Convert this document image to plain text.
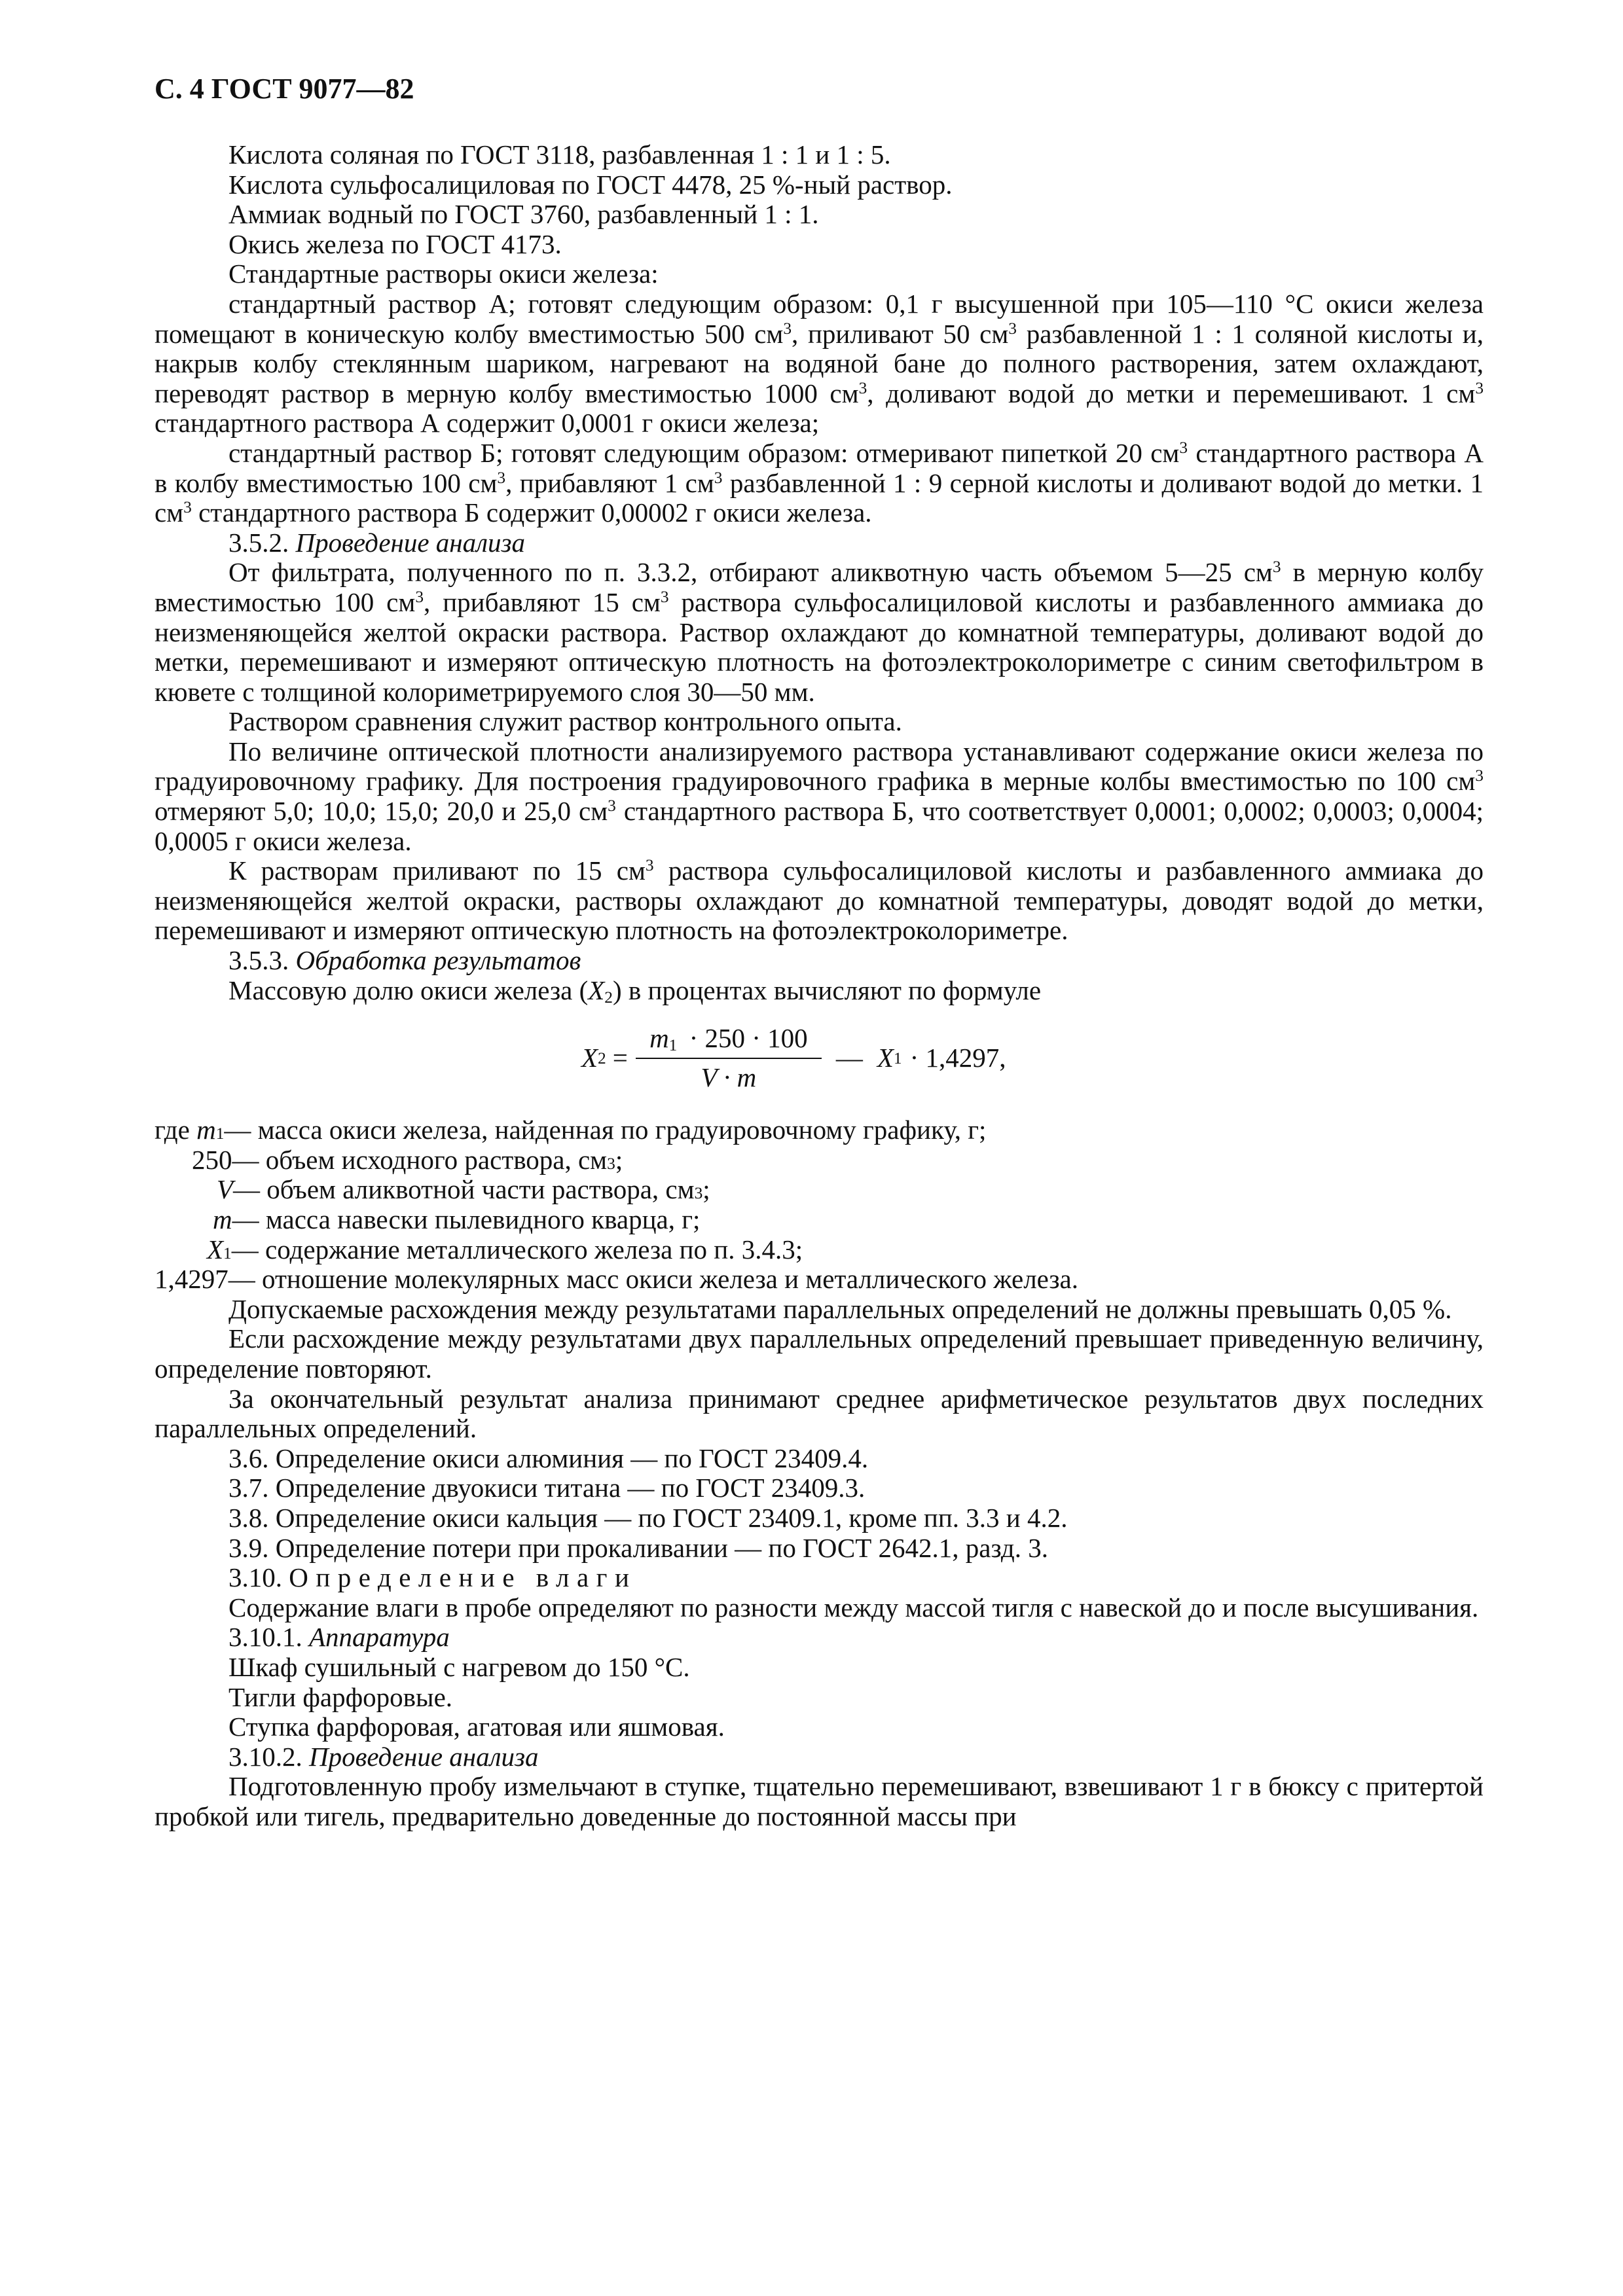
С. 4 ГОСТ 9077—82

Кислота соляная по ГОСТ 3118, разбавленная 1 : 1 и 1 : 5.

Кислота сульфосалициловая по ГОСТ 4478, 25 %-ный раствор.

Аммиак водный по ГОСТ 3760, разбавленный 1 : 1.

Окись железа по ГОСТ 4173.

Стандартные растворы окиси железа:

стандартный раствор А; готовят следующим образом: 0,1 г высушенной при 105—110 °С окиси железа помещают в коническую колбу вместимостью 500 $см^3$, приливают 50 $см^3$ разбавленной 1 : 1 соляной кислоты и, накрыв колбу стеклянным шариком, нагревают на водяной бане до полного растворения, затем охлаждают, переводят раствор в мерную колбу вместимостью 1000 $см^3$, доливают водой до метки и перемешивают. 1 $см^3$ стандартного раствора А содержит 0,0001 г окиси железа;

стандартный раствор Б; готовят следующим образом: отмеривают пипеткой 20 $см^3$ стандартного раствора А в колбу вместимостью 100 $см^3$, прибавляют 1 $см^3$ разбавленной 1 : 9 серной кислоты и доливают водой до метки. 1 $см^3$ стандартного раствора Б содержит 0,00002 г окиси железа.

3.5.2. Проведение анализа

От фильтрата, полученного по п. 3.3.2, отбирают аликвотную часть объемом 5—25 $см^3$ в мерную колбу вместимостью 100 $см^3$, прибавляют 15 $см^3$ раствора сульфосалициловой кислоты и разбавленного аммиака до неизменяющейся желтой окраски раствора. Раствор охлаждают до комнатной температуры, доливают водой до метки, перемешивают и измеряют оптическую плотность на фотоэлектроколориметре с синим светофильтром в кювете с толщиной колориметрируемого слоя 30—50 мм.

Раствором сравнения служит раствор контрольного опыта.

По величине оптической плотности анализируемого раствора устанавливают содержание окиси железа по градуировочному графику. Для построения градуировочного графика в мерные колбы вместимостью по 100 $см^3$ отмеряют 5,0; 10,0; 15,0; 20,0 и 25,0 $см^3$ стандартного раствора Б, что соответствует 0,0001; 0,0002; 0,0003; 0,0004; 0,0005 г окиси железа.

К растворам приливают по 15 $см^3$ раствора сульфосалициловой кислоты и разбавленного аммиака до неизменяющейся желтой окраски, растворы охлаждают до комнатной температуры, доводят водой до метки, перемешивают и измеряют оптическую плотность на фотоэлектроколориметре.

3.5.3. Обработка результатов

Массовую долю окиси железа $(X_2)$ в процентах вычисляют по формуле

X $2 = \frac{m_1 \cdot 250 \cdot 100}{V \cdot m}$ — X 1 · 1,4297,
где
m 1 — масса окиси железа, найденная по градуировочному графику, г;
250 — объем исходного раствора, см 3 ;
V — объем аликвотной части раствора, см 3 ;
m — масса навески пылевидного кварца, г;
X 1 — содержание металлического железа по п. 3.4.3;
1,4297 — отношение молекулярных масс окиси железа и металлического железа.

Допускаемые расхождения между результатами параллельных определений не должны превышать 0,05 %.

Если расхождение между результатами двух параллельных определений превышает приведенную величину, определение повторяют.

За окончательный результат анализа принимают среднее арифметическое результатов двух последних параллельных определений.

3.6. Определение окиси алюминия — по ГОСТ 23409.4.

3.7. Определение двуокиси титана — по ГОСТ 23409.3.

3.8. Определение окиси кальция — по ГОСТ 23409.1, кроме пп. 3.3 и 4.2.

3.9. Определение потери при прокаливании — по ГОСТ 2642.1, разд. 3.

3.10. Определение влаги

Содержание влаги в пробе определяют по разности между массой тигля с навеской до и после высушивания.

3.10.1. Аппаратура

Шкаф сушильный с нагревом до 150 °С.

Тигли фарфоровые.

Ступка фарфоровая, агатовая или яшмовая.

3.10.2. Проведение анализа

Подготовленную пробу измельчают в ступке, тщательно перемешивают, взвешивают 1 г в бюксу с притертой пробкой или тигель, предварительно доведенные до постоянной массы при
